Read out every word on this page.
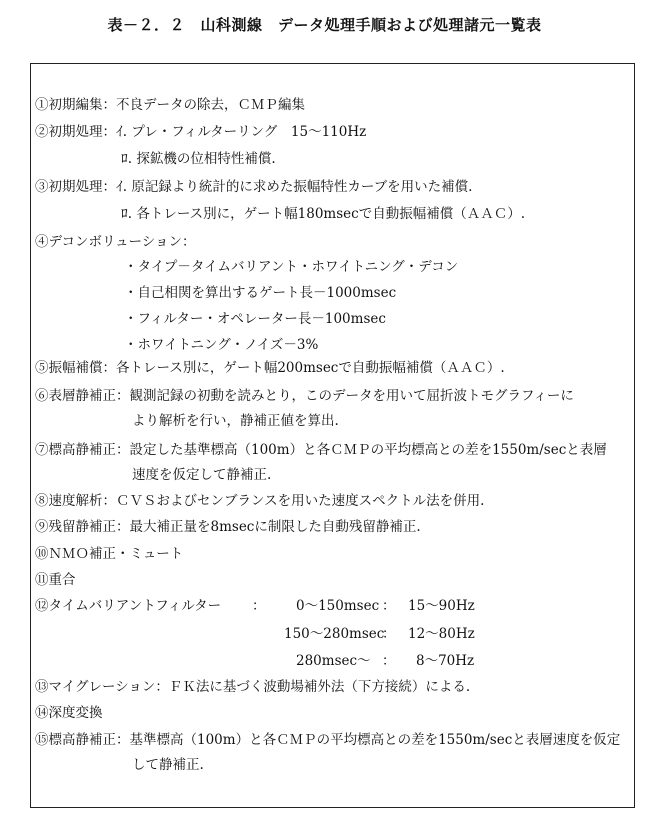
表－２．２　山科測線　データ処理手順および処理諸元一覧表
①初期編集：不良データの除去，ＣＭＰ編集
②初期処理：ｲ. プレ・フィルターリング　15～110Hz
ﾛ. 探鉱機の位相特性補償.
③初期処理：ｲ. 原記録より統計的に求めた振幅特性カーブを用いた補償.
ﾛ. 各トレース別に，ゲート幅180msecで自動振幅補償（ＡＡＣ）.
④デコンボリューション：
・タイプ－タイムバリアント・ホワイトニング・デコン
・自己相関を算出するゲート長－1000msec
・フィルター・オペレーター長－100msec
・ホワイトニング・ノイズ－3%
⑤振幅補償：各トレース別に，ゲート幅200msecで自動振幅補償（ＡＡＣ）.
⑥表層静補正：観測記録の初動を読みとり，このデータを用いて屈折波トモグラフィーに
より解析を行い，静補正値を算出.
⑦標高静補正：設定した基準標高（100m）と各ＣＭＰの平均標高との差を1550m/secと表層
速度を仮定して静補正.
⑧速度解析：ＣＶＳおよびセンブランスを用いた速度スペクトル法を併用.
⑨残留静補正：最大補正量を8msecに制限した自動残留静補正.
⑩ＮＭＯ補正・ミュート
⑪重合
⑫タイムバリアントフィルター ： 0～150msec ： 15～90Hz
150～280msec
： 12～80Hz
280msec～ ： 8～70Hz
⑬マイグレーション：ＦＫ法に基づく波動場補外法（下方接続）による.
⑭深度変換
⑮標高静補正：基準標高（100m）と各ＣＭＰの平均標高との差を1550m/secと表層速度を仮定
して静補正.
